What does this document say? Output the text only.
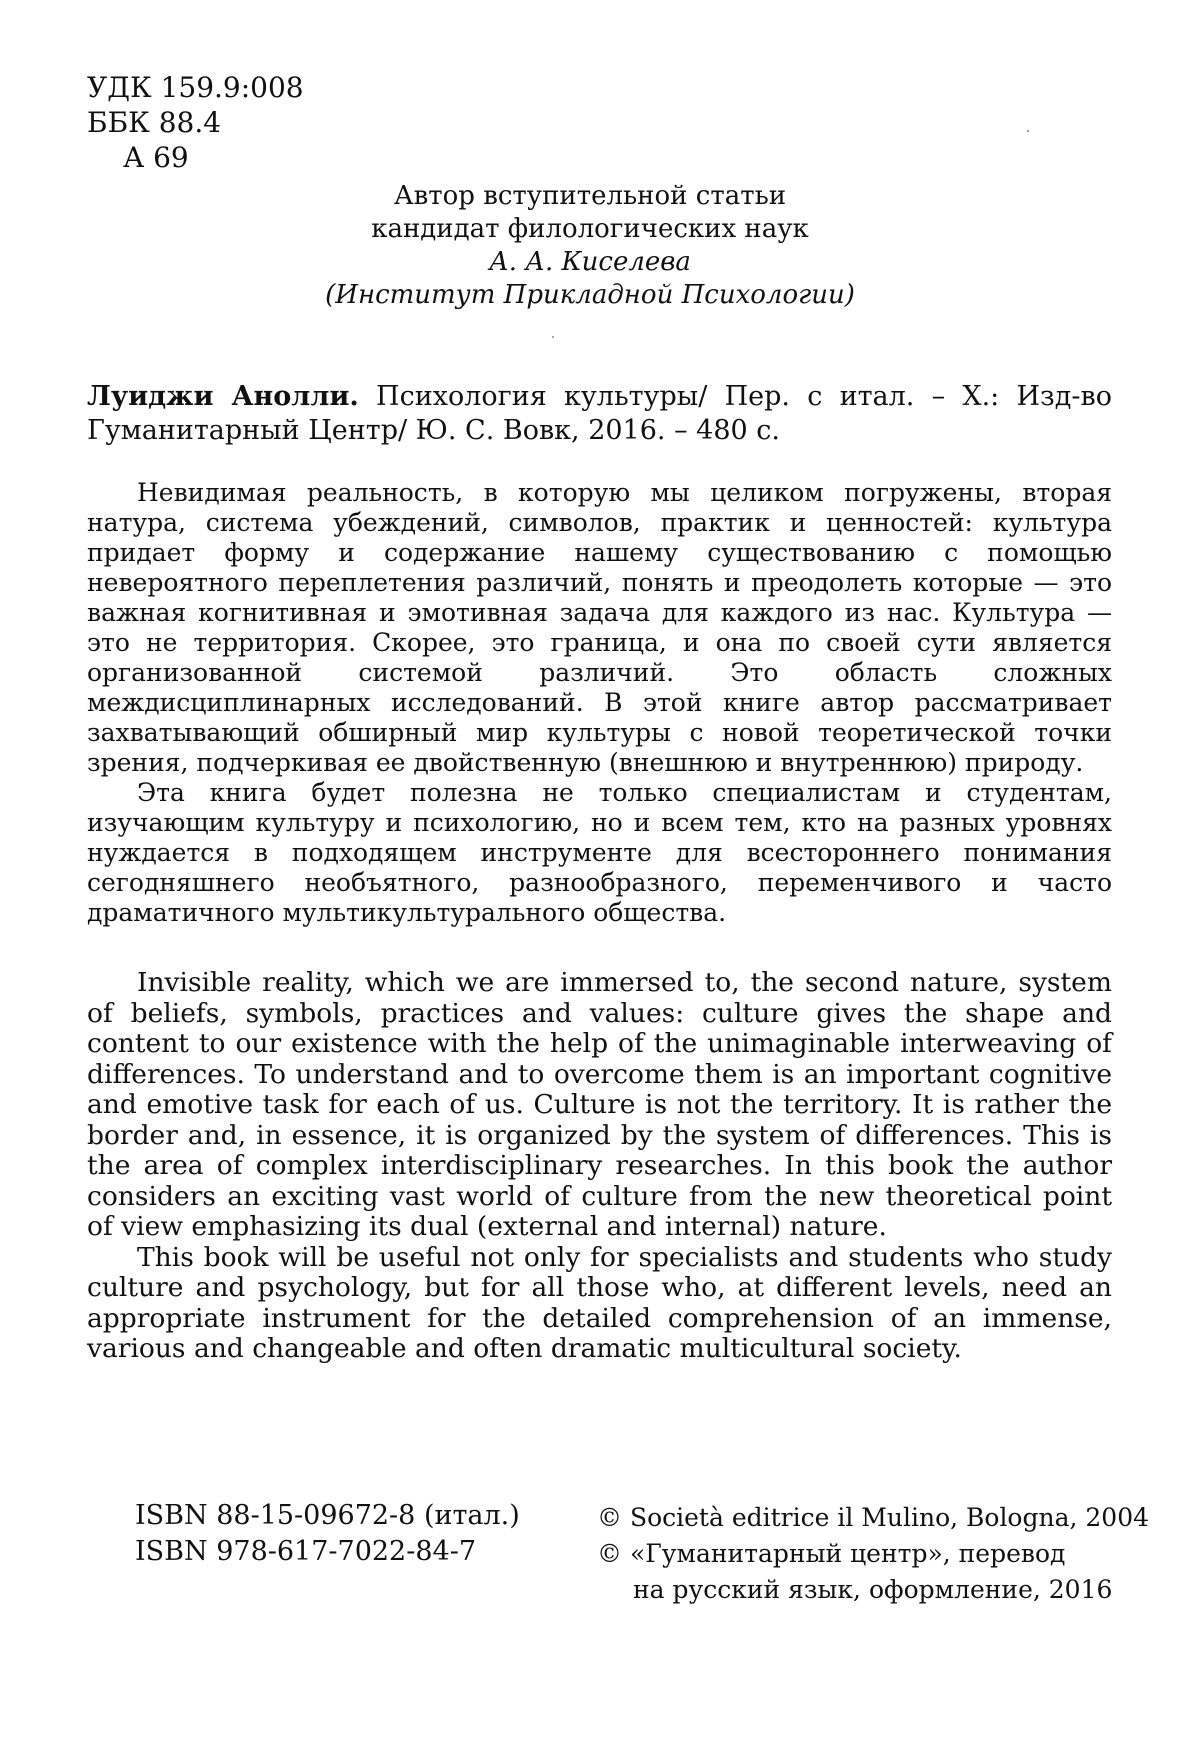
УДК 159.9:008
ББК 88.4
А 69
Автор вступительной статьи
кандидат филологических наук
А. А. Киселева
(Институт Прикладной Психологии)
Луиджи Анолли. Психология культуры/ Пер. с итал. – Х.: Изд-во Гуманитарный Центр/ Ю. С. Вовк, 2016. – 480 с.

Невидимая реальность, в которую мы целиком погружены, вторая натура, система убеждений, символов, практик и ценностей: культура придает форму и содержание нашему существованию с помощью невероятного переплетения различий, понять и преодолеть которые — это важная когнитивная и эмотивная задача для каждого из нас. Культура — это не территория. Скорее, это граница, и она по своей сути является организованной системой различий. Это область сложных междисциплинарных исследований. В этой книге автор рассматривает захватывающий обширный мир культуры с новой теоретической точки зрения, подчеркивая ее двойственную (внешнюю и внутреннюю) природу.

Эта книга будет полезна не только специалистам и студентам, изучающим культуру и психологию, но и всем тем, кто на разных уровнях нуждается в подходящем инструменте для всестороннего понимания сегодняшнего необъятного, разнообразного, переменчивого и часто драматичного мультикультурального общества.

Invisible reality, which we are immersed to, the second nature, system of beliefs, symbols, practices and values: culture gives the shape and content to our existence with the help of the unimaginable interweaving of differences. To understand and to overcome them is an important cognitive and emotive task for each of us. Culture is not the territory. It is rather the border and, in essence, it is organized by the system of differences. This is the area of complex interdisciplinary researches. In this book the author considers an exciting vast world of culture from the new theoretical point of view emphasizing its dual (external and internal) nature.

This book will be useful not only for specialists and students who study culture and psychology, but for all those who, at different levels, need an appropriate instrument for the detailed comprehension of an immense, various and changeable and often dramatic multicultural society.

ISBN 88-15-09672-8 (итал.)
ISBN 978-617-7022-84-7
© Società editrice il Mulino, Bologna, 2004
© «Гуманитарный центр», перевод
на русский язык, оформление, 2016
